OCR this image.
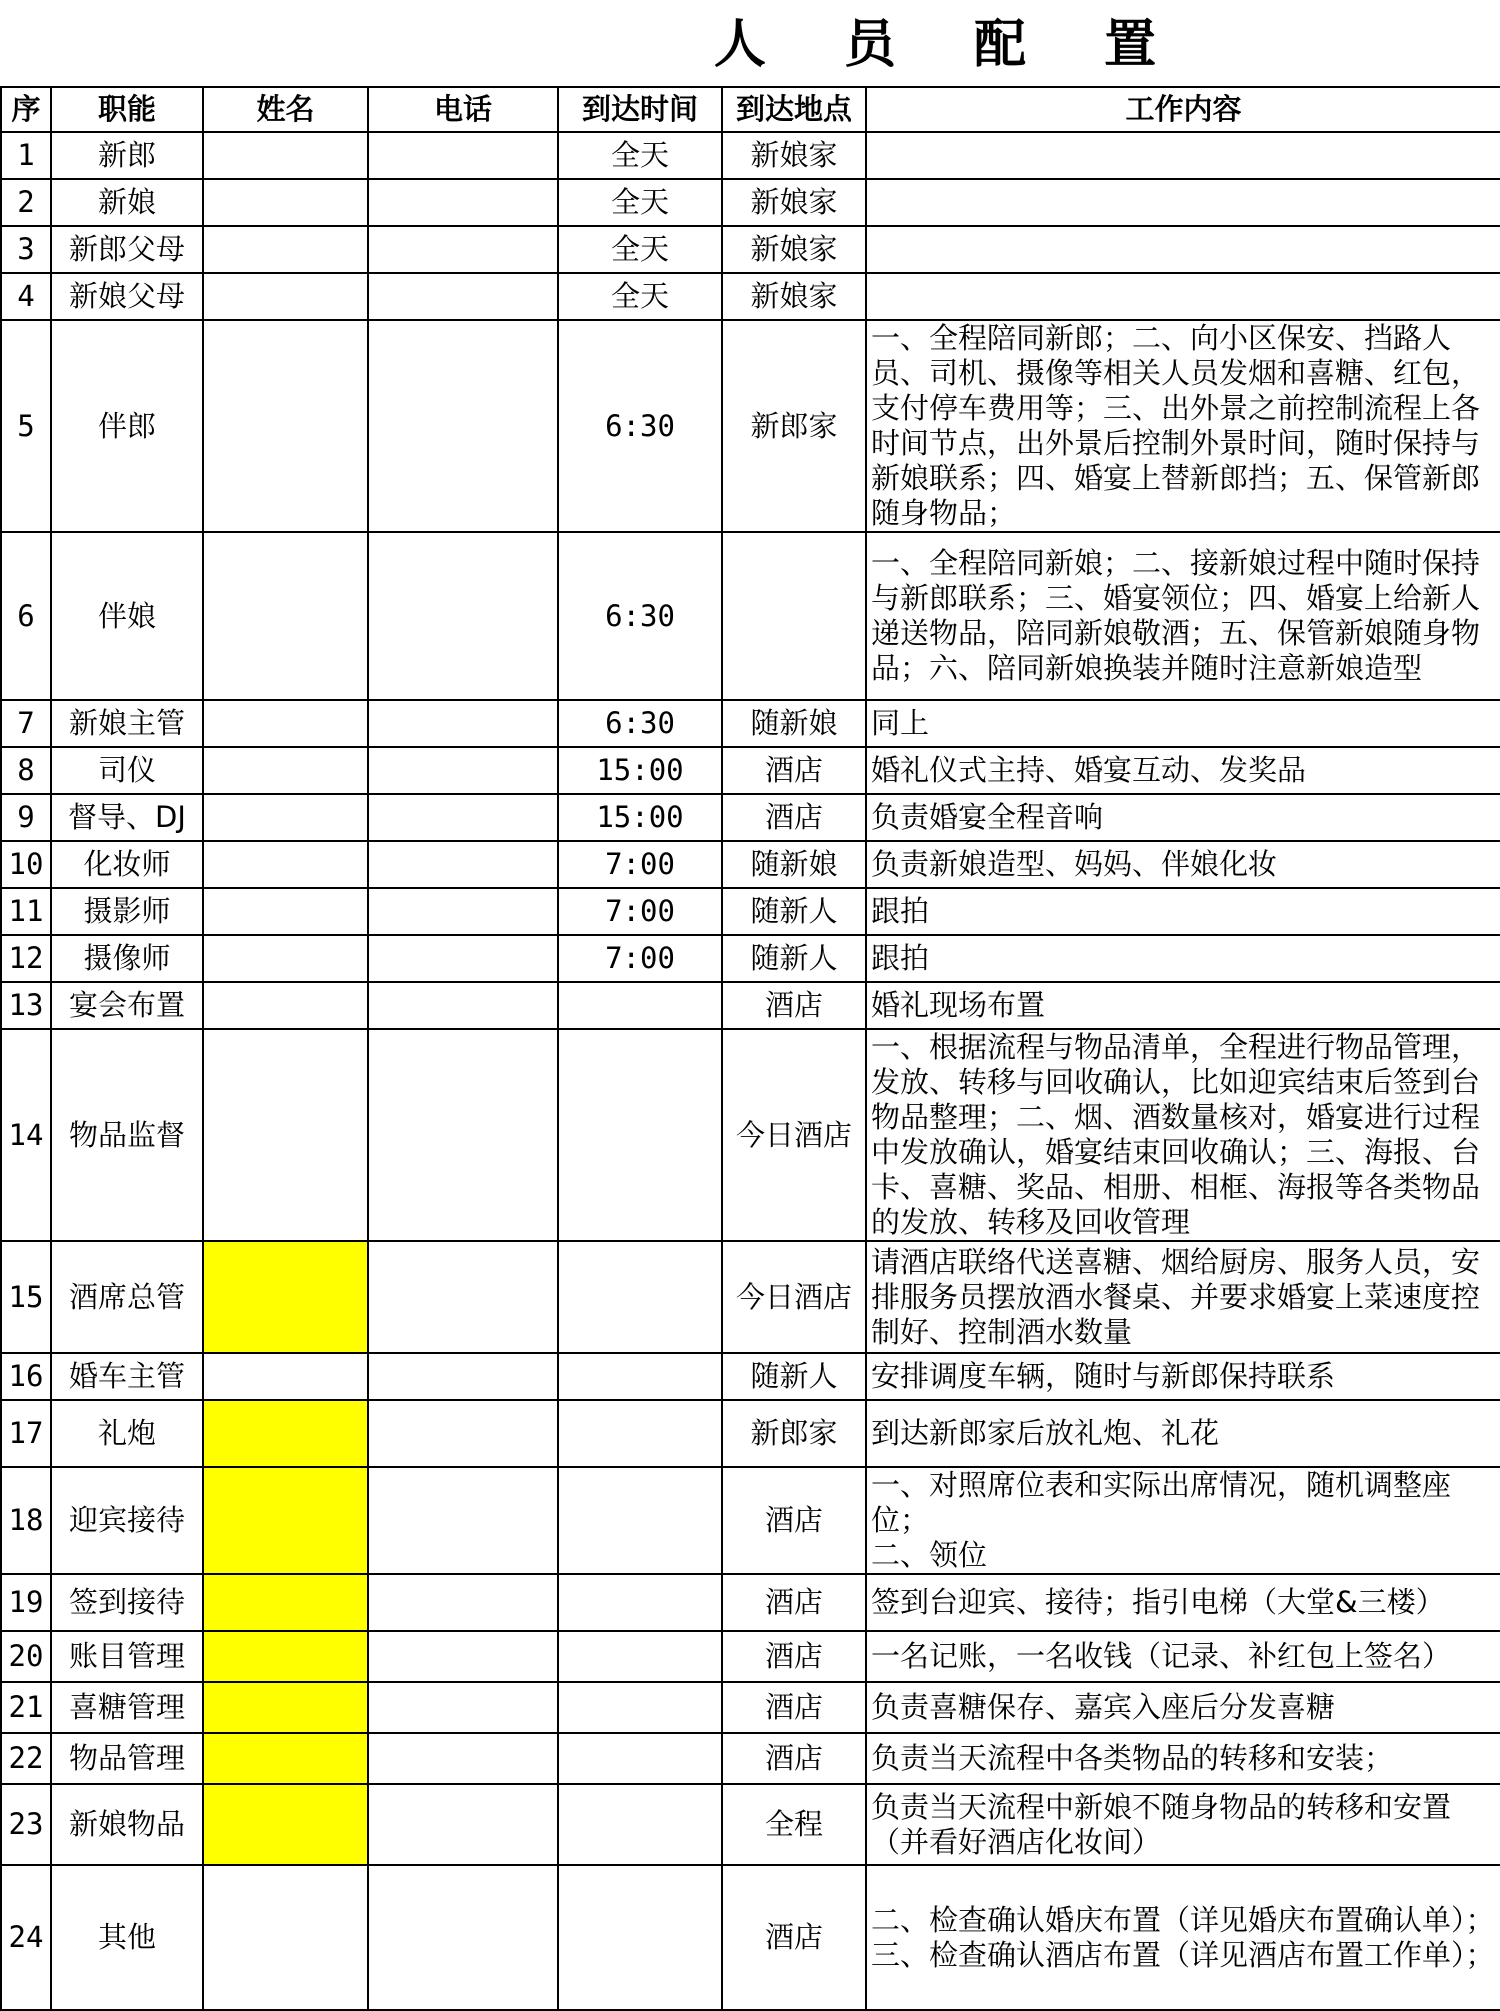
人 员 配 置
序	职能	姓名	电话	到达时间	到达地点	工作内容
1	新郎			全天	新娘家	
2	新娘			全天	新娘家	
3	新郎父母			全天	新娘家	
4	新娘父母			全天	新娘家	
5	伴郎			6:30	新郎家	一、全程陪同新郎；二、向小区保安、挡路人员、司机、摄像等相关人员发烟和喜糖、红包，支付停车费用等；三、出外景之前控制流程上各时间节点，出外景后控制外景时间，随时保持与新娘联系；四、婚宴上替新郎挡；五、保管新郎随身物品；
6	伴娘			6:30		一、全程陪同新娘；二、接新娘过程中随时保持与新郎联系；三、婚宴领位；四、婚宴上给新人递送物品，陪同新娘敬酒；五、保管新娘随身物品；六、陪同新娘换装并随时注意新娘造型
7	新娘主管			6:30	随新娘	同上
8	司仪			15:00	酒店	婚礼仪式主持、婚宴互动、发奖品
9	督导、DJ			15:00	酒店	负责婚宴全程音响
10	化妆师			7:00	随新娘	负责新娘造型、妈妈、伴娘化妆
11	摄影师			7:00	随新人	跟拍
12	摄像师			7:00	随新人	跟拍
13	宴会布置				酒店	婚礼现场布置
14	物品监督				今日酒店	一、根据流程与物品清单，全程进行物品管理，发放、转移与回收确认，比如迎宾结束后签到台物品整理；二、烟、酒数量核对，婚宴进行过程中发放确认，婚宴结束回收确认；三、海报、台卡、喜糖、奖品、相册、相框、海报等各类物品的发放、转移及回收管理
15	酒席总管				今日酒店	请酒店联络代送喜糖、烟给厨房、服务人员，安排服务员摆放酒水餐桌、并要求婚宴上菜速度控制好、控制酒水数量
16	婚车主管				随新人	安排调度车辆，随时与新郎保持联系
17	礼炮				新郎家	到达新郎家后放礼炮、礼花
18	迎宾接待				酒店	一、对照席位表和实际出席情况，随机调整座位；
二、领位
19	签到接待				酒店	签到台迎宾、接待；指引电梯（大堂&三楼）
20	账目管理				酒店	一名记账，一名收钱（记录、补红包上签名）
21	喜糖管理				酒店	负责喜糖保存、嘉宾入座后分发喜糖
22	物品管理				酒店	负责当天流程中各类物品的转移和安装；
23	新娘物品				全程	负责当天流程中新娘不随身物品的转移和安置（并看好酒店化妆间）
24	其他				酒店	二、检查确认婚庆布置（详见婚庆布置确认单）；
三、检查确认酒店布置（详见酒店布置工作单）；
